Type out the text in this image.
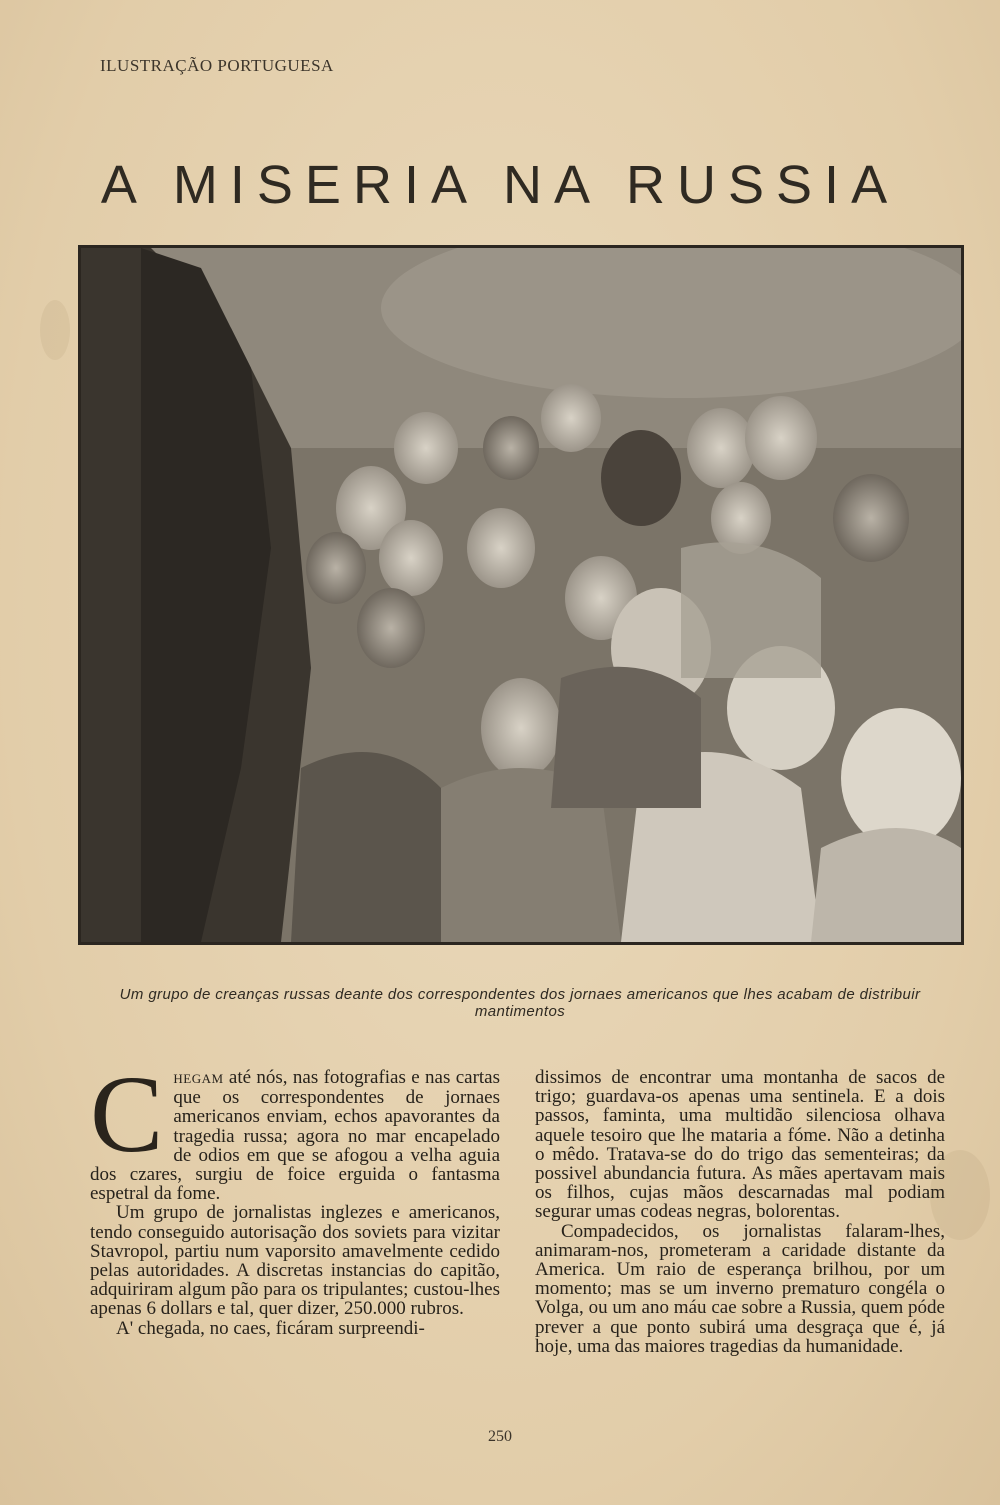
ILUSTRAÇÃO PORTUGUESA
A MISERIA NA RUSSIA
Um grupo de creanças russas deante dos correspondentes dos jornaes americanos que lhes acabam de distribuir mantimentos

CHEGAM até nós, nas fotografias e nas cartas que os correspondentes de jornaes americanos enviam, echos apavorantes da tragedia russa; agora no mar encapelado de odios em que se afogou a velha aguia dos czares, surgiu de foice erguida o fantasma espetral da fome.

Um grupo de jornalistas inglezes e americanos, tendo conseguido autorisação dos soviets para vizitar Stavropol, partiu num vaporsito amavelmente cedido pelas autoridades. A discretas instancias do capitão, adquiriram algum pão para os tripulantes; custou-lhes apenas 6 dollars e tal, quer dizer, 250.000 rubros.

A' chegada, no caes, ficáram surpreendi-

dissimos de encontrar uma montanha de sacos de trigo; guardava-os apenas uma sentinela. E a dois passos, faminta, uma multidão silenciosa olhava aquele tesoiro que lhe mataria a fóme. Não a detinha o mêdo. Tratava-se do do trigo das sementeiras; da possivel abundancia futura. As mães apertavam mais os filhos, cujas mãos descarnadas mal podiam segurar umas codeas negras, bolorentas.

Compadecidos, os jornalistas falaram-lhes, animaram-nos, prometeram a caridade distante da America. Um raio de esperança brilhou, por um momento; mas se um inverno prematuro congéla o Volga, ou um ano máu cae sobre a Russia, quem póde prever a que ponto subirá uma desgraça que é, já hoje, uma das maiores tragedias da humanidade.

250
